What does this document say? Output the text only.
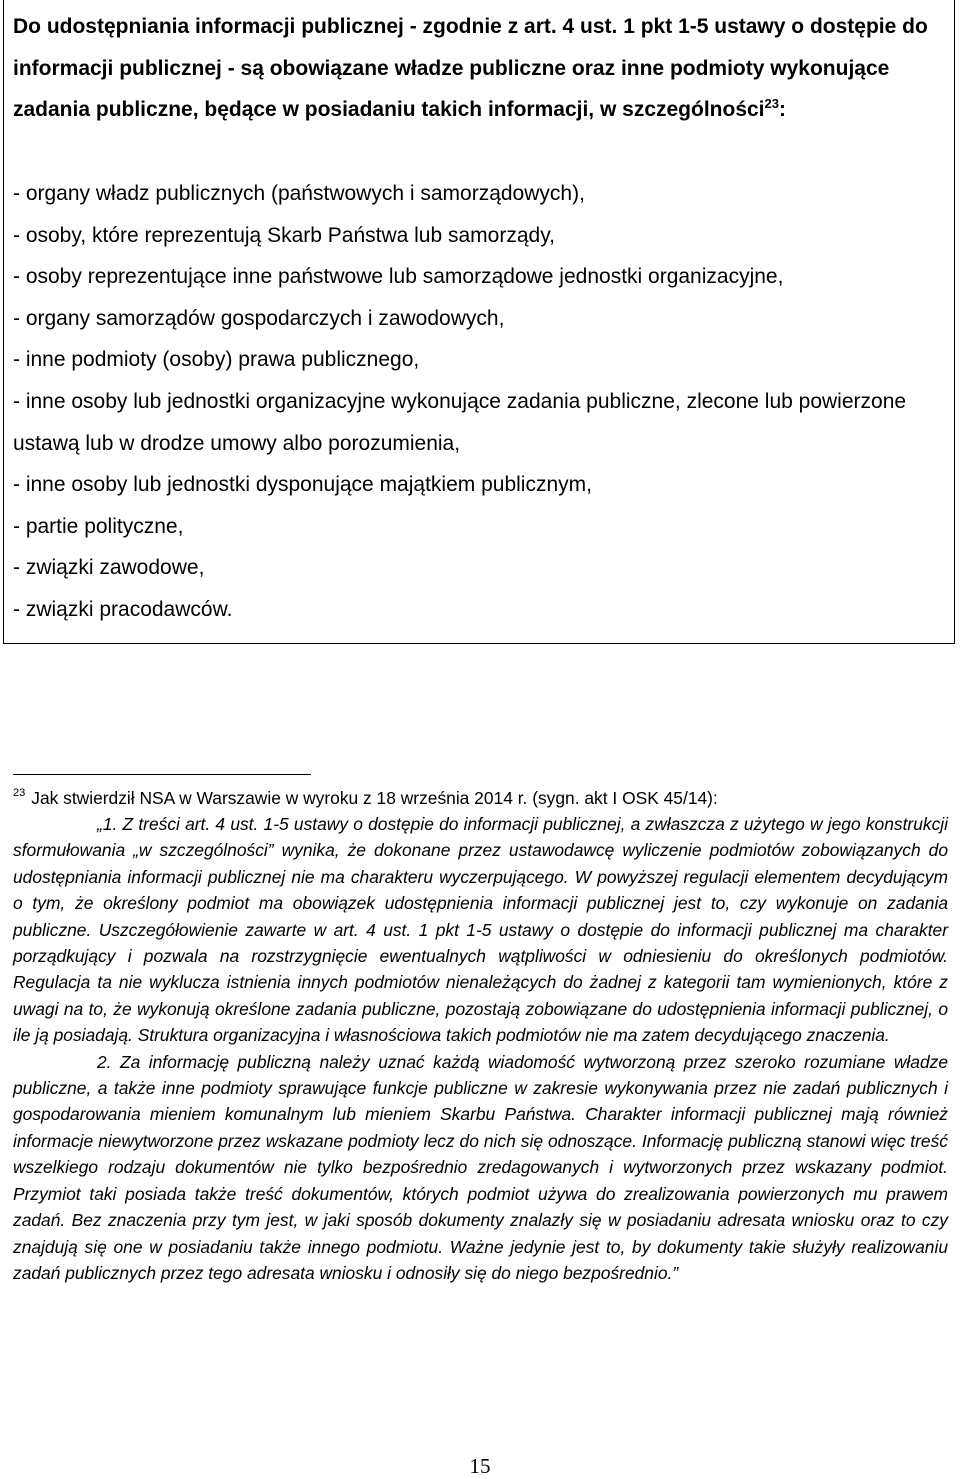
Do udostępniania informacji publicznej - zgodnie z art. 4 ust. 1 pkt 1-5 ustawy o dostępie do informacji publicznej - są obowiązane władze publiczne oraz inne podmioty wykonujące zadania publiczne, będące w posiadaniu takich informacji, w szczególności$^{23}$:

- organy władz publicznych (państwowych i samorządowych),
- osoby, które reprezentują Skarb Państwa lub samorządy,
- osoby reprezentujące inne państwowe lub samorządowe jednostki organizacyjne,
- organy samorządów gospodarczych i zawodowych,
- inne podmioty (osoby) prawa publicznego,
- inne osoby lub jednostki organizacyjne wykonujące zadania publiczne, zlecone lub powierzone ustawą lub w drodze umowy albo porozumienia,
- inne osoby lub jednostki dysponujące majątkiem publicznym,
- partie polityczne,
- związki zawodowe,
- związki pracodawców.

$^{23}$ Jak stwierdził NSA w Warszawie w wyroku z 18 września 2014 r. (sygn. akt I OSK 45/14):

„1. Z treści art. 4 ust. 1-5 ustawy o dostępie do informacji publicznej, a zwłaszcza z użytego w jego konstrukcji sformułowania „w szczególności” wynika, że dokonane przez ustawodawcę wyliczenie podmiotów zobowiązanych do udostępniania informacji publicznej nie ma charakteru wyczerpującego. W powyższej regulacji elementem decydującym o tym, że określony podmiot ma obowiązek udostępnienia informacji publicznej jest to, czy wykonuje on zadania publiczne. Uszczegółowienie zawarte w art. 4 ust. 1 pkt 1-5 ustawy o dostępie do informacji publicznej ma charakter porządkujący i pozwala na rozstrzygnięcie ewentualnych wątpliwości w odniesieniu do określonych podmiotów. Regulacja ta nie wyklucza istnienia innych podmiotów nienależących do żadnej z kategorii tam wymienionych, które z uwagi na to, że wykonują określone zadania publiczne, pozostają zobowiązane do udostępnienia informacji publicznej, o ile ją posiadają. Struktura organizacyjna i własnościowa takich podmiotów nie ma zatem decydującego znaczenia.

2. Za informację publiczną należy uznać każdą wiadomość wytworzoną przez szeroko rozumiane władze publiczne, a także inne podmioty sprawujące funkcje publiczne w zakresie wykonywania przez nie zadań publicznych i gospodarowania mieniem komunalnym lub mieniem Skarbu Państwa. Charakter informacji publicznej mają również informacje niewytworzone przez wskazane podmioty lecz do nich się odnoszące. Informację publiczną stanowi więc treść wszelkiego rodzaju dokumentów nie tylko bezpośrednio zredagowanych i wytworzonych przez wskazany podmiot. Przymiot taki posiada także treść dokumentów, których podmiot używa do zrealizowania powierzonych mu prawem zadań. Bez znaczenia przy tym jest, w jaki sposób dokumenty znalazły się w posiadaniu adresata wniosku oraz to czy znajdują się one w posiadaniu także innego podmiotu. Ważne jedynie jest to, by dokumenty takie służyły realizowaniu zadań publicznych przez tego adresata wniosku i odnosiły się do niego bezpośrednio.”

15
